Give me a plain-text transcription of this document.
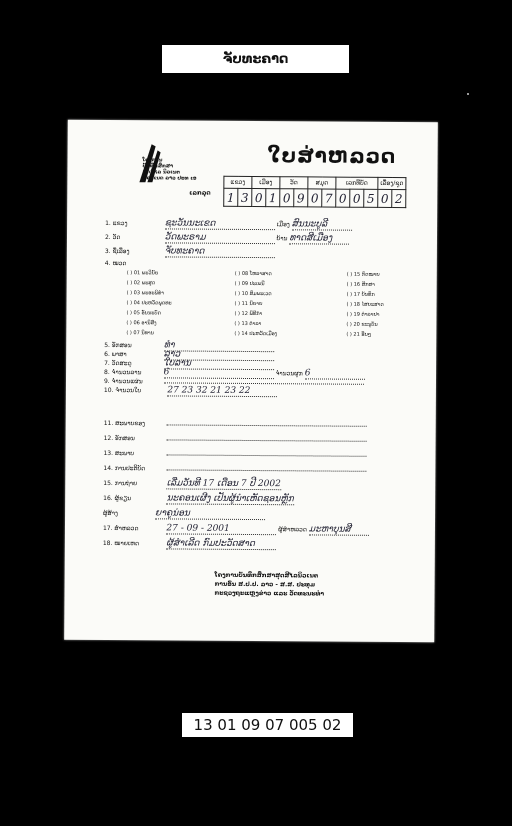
ຈັບທະຄາດ
ໂຄງການ
ບັນທຶກສຶກສາ
ສຸດສີໄລ ນິວເນຕ
ສຄະເນດ ລາວ ປະທ ເອ
ໃບສ່າຫລວດ
ເລກລຸດ
ແຂວງ		ເມືອງ		ວັດ		ສມຸດ		ເລກທີບັດ			ເລື່ອງ/ຊຸດ	
1	3	0	1	0	9	0	7	0	0	5	0	2
1. ແຂວງ	ຊະວັນນະເຂດ	ເມືອງ ສົນນະບູລີ
2. ວັດ	ວັດພະຣາມ	ບ້ານ ທາດສີເມືອງ
3. ຊື່ເລື່ອງ	ຈັບທະຄາດ
4. ໝວດ
( ) 01 ພະວິນັຍ
( ) 02 ພະສູດ
( ) 03 ພະອະພິທຳ
( ) 04 ປະຫວັດພຸດທະ
( ) 05 ອັນນະບົດ
( ) 06 ອານິສົງ
( ) 07 ນິທານ
( ) 08 ໂຫລາສາດ
( ) 09 ປະເພນີ
( ) 10 ສົມພະເວດ
( ) 11 ນິຍາຍ
( ) 12 ພິທີກຳ
( ) 13 ຕຳລາ
( ) 14 ປະຫວັດເມືອງ
( ) 15 ກົດໝາຍ
( ) 16 ສິກສາ
( ) 17 ບັນທຶກ
( ) 18 ໄສຍະສາດ
( ) 19 ຕຳລາຢາ
( ) 20 ຂະນຸບັນ
( ) 21 ອື່ນໆ
5. ອັກສອນ	ທຳ
6. ພາສາ	ລາວ
7. ວັດສະດຸ	ໃບລານ
8. ຈຳນວນລານ 6	ຈຳນວນຜູກ 6
9. ຈຳນວນແຜ່ນ
10. ຈຳນວນໃບ	27 23 32 21 23 22
11. ສະພາບຂອງ
12. ອັກສອນ
13. ສະພາບ
14. ການປະຕິບັດ
15. ການຖ່າຍ	ເລີ່ມວັນທີ 17 ເດືອນ 7 ປີ 2002
16. ຜູ້ຂຽນ	ນະຄອນເຜີງ ເປັນຜູ້ນຳເຫັດຊອນຫຼັກ
ຜູ້ສ້າງ	ຍາຄູນ່ອນ
17. ສຳຫລວດ	27 - 09 - 2001	ຜູ້ສຳຫລວດ ມະຫາບຸນສີ
18. ໝາຍເຫດ	ຜູ້ສຳເລີດ ກົມປະວັດສາດ
ໂຄງການບັນທຶກສຶກສາສຸດສີໄລນິວເນຕ
ການອົນ ສ.ປ.ປ. ລາວ - ສ.ສ. ປະທຸມ
ກະຊວງຖະແຫຼງຂ່າວ ແລະ ວັດທະນະທຳ
13 01 09 07 005 02
